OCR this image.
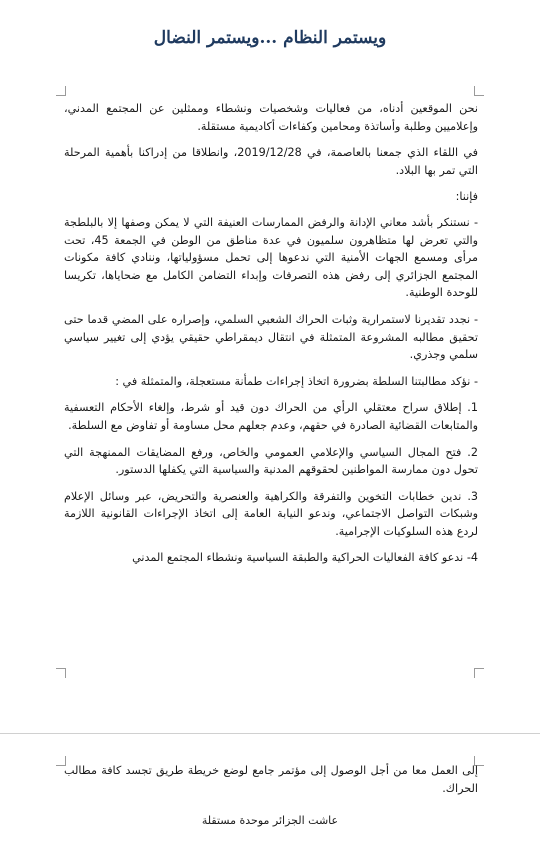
ويستمر النظام ...ويستمر النضال

نحن الموقعين أدناه، من فعاليات وشخصيات ونشطاء وممثلين عن المجتمع المدني، وإعلاميين وطلبة وأساتذة ومحامين وكفاءات أكاديمية مستقلة.

في اللقاء الذي جمعنا بالعاصمة، في 2019/12/28، وانطلاقا من إدراكنا بأهمية المرحلة التي تمر بها البلاد.

فإننا:

- نستنكر بأشد معاني الإدانة والرفض الممارسات العنيفة التي لا يمكن وصفها إلا بالبلطجة والتي تعرض لها متظاهرون سلميون في عدة مناطق من الوطن في الجمعة 45، تحت مرأى ومسمع الجهات الأمنية التي ندعوها إلى تحمل مسؤولياتها، وننادي كافة مكونات المجتمع الجزائري إلى رفض هذه التصرفات وإبداء التضامن الكامل مع ضحاياها، تكريسا للوحدة الوطنية.

- نجدد تقديرنا لاستمرارية وثبات الحراك الشعبي السلمي، وإصراره على المضي قدما حتى تحقيق مطالبه المشروعة المتمثلة في انتقال ديمقراطي حقيقي يؤدي إلى تغيير سياسي سلمي وجذري.

- نؤكد مطالبتنا السلطة بضرورة اتخاذ إجراءات طمأنة مستعجلة، والمتمثلة في :

1. إطلاق سراح معتقلي الرأي من الحراك دون قيد أو شرط، وإلغاء الأحكام التعسفية والمتابعات القضائية الصادرة في حقهم، وعدم جعلهم محل مساومة أو تفاوض مع السلطة.

2. فتح المجال السياسي والإعلامي العمومي والخاص، ورفع المضايقات الممنهجة التي تحول دون ممارسة المواطنين لحقوقهم المدنية والسياسية التي يكفلها الدستور.

3. ندين خطابات التخوين والتفرقة والكراهية والعنصرية والتحريض، عبر وسائل الإعلام وشبكات التواصل الاجتماعي، وندعو النيابة العامة إلى اتخاذ الإجراءات القانونية اللازمة لردع هذه السلوكيات الإجرامية.

4- ندعو كافة الفعاليات الحراكية والطبقة السياسية ونشطاء المجتمع المدني

إلى العمل معا من أجل الوصول إلى مؤتمر جامع لوضع خريطة طريق تجسد كافة مطالب الحراك.

عاشت الجزائر موحدة مستقلة
